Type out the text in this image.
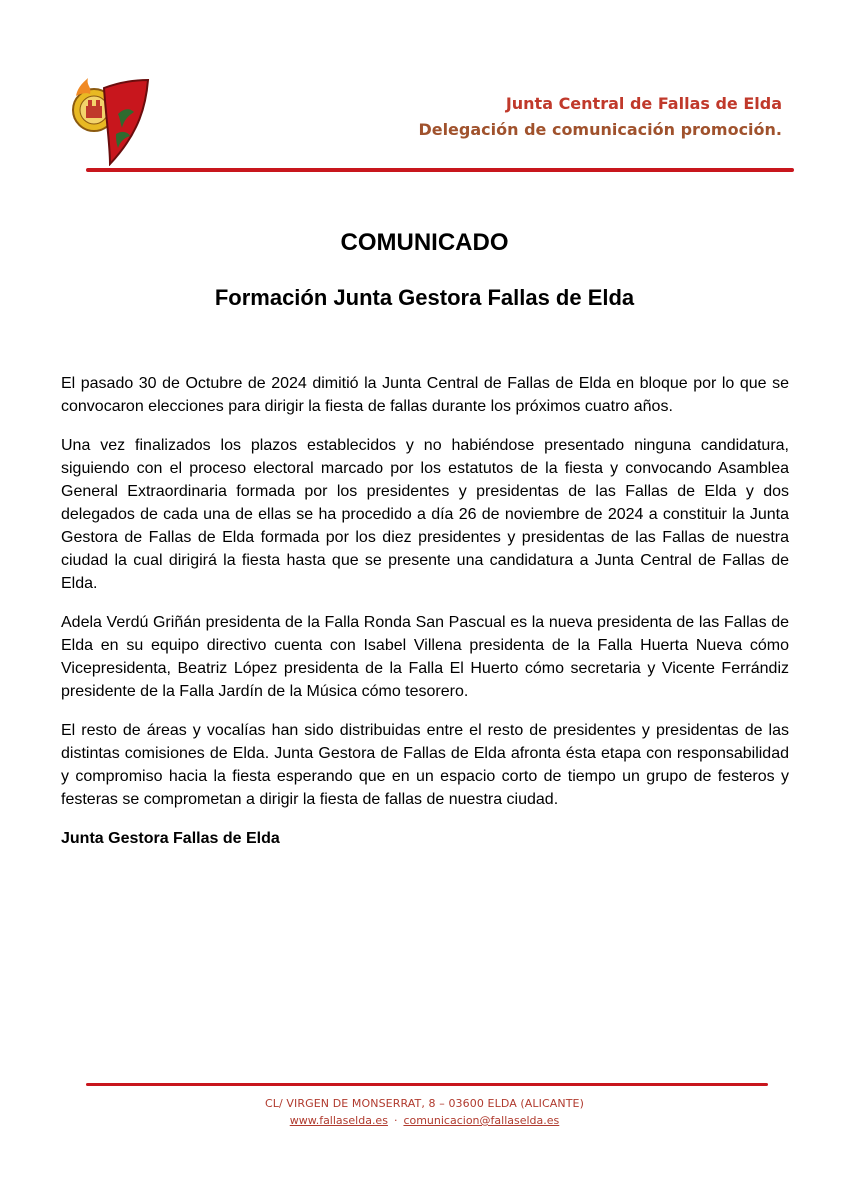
Junta Central de Fallas de Elda
Delegación de comunicación promoción.
COMUNICADO
Formación Junta Gestora Fallas de Elda

El pasado 30 de Octubre de 2024 dimitió la Junta Central de Fallas de Elda en bloque por lo que se convocaron elecciones para dirigir la fiesta de fallas durante los próximos cuatro años.

Una vez finalizados los plazos establecidos y no habiéndose presentado ninguna candidatura, siguiendo con el proceso electoral marcado por los estatutos de la fiesta y convocando Asamblea General Extraordinaria formada por los presidentes y presidentas de las Fallas de Elda y dos delegados de cada una de ellas se ha procedido a día 26 de noviembre de 2024 a constituir la Junta Gestora de Fallas de Elda formada por los diez presidentes y presidentas de las Fallas de nuestra ciudad la cual dirigirá la fiesta hasta que se presente una candidatura a Junta Central de Fallas de Elda.

Adela Verdú Griñán presidenta de la Falla Ronda San Pascual es la nueva presidenta de las Fallas de Elda en su equipo directivo cuenta con Isabel Villena presidenta de la Falla Huerta Nueva cómo Vicepresidenta, Beatriz López presidenta de la Falla El Huerto cómo secretaria y Vicente Ferrándiz presidente de la Falla Jardín de la Música cómo tesorero.

El resto de áreas y vocalías han sido distribuidas entre el resto de presidentes y presidentas de las distintas comisiones de Elda. Junta Gestora de Fallas de Elda afronta ésta etapa con responsabilidad y compromiso hacia la fiesta esperando que en un espacio corto de tiempo un grupo de festeros y festeras se comprometan a dirigir la fiesta de fallas de nuestra ciudad.

Junta Gestora Fallas de Elda

CL/ VIRGEN DE MONSERRAT, 8 – 03600 ELDA (ALICANTE)
www.fallaselda.es · comunicacion@fallaselda.es
